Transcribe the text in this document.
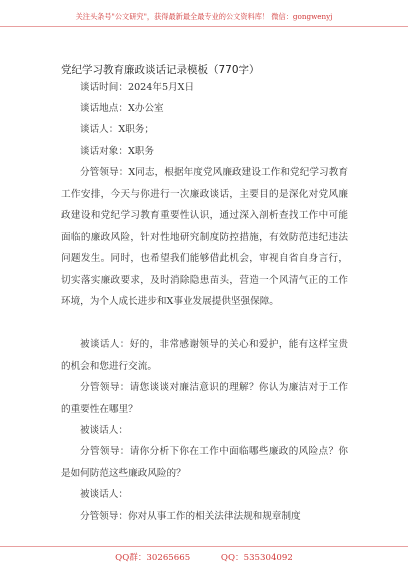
关注头条号"公文研究"，获得最新最全最专业的公文资料库！ 微信：gongwenyj
党纪学习教育廉政谈话记录模板（770字）

谈话时间：2024年5月X日

谈话地点：X办公室

谈话人：X职务；

谈话对象：X职务

分管领导：X同志，根据年度党风廉政建设工作和党纪学习教育工作安排，今天与你进行一次廉政谈话，主要目的是深化对党风廉政建设和党纪学习教育重要性认识，通过深入剖析查找工作中可能面临的廉政风险，针对性地研究制度防控措施，有效防范违纪违法问题发生。同时，也希望我们能够借此机会，审视自省自身言行，切实落实廉政要求，及时消除隐患苗头，营造一个风清气正的工作环境，为个人成长进步和X事业发展提供坚强保障。

被谈话人：好的，非常感谢领导的关心和爱护，能有这样宝贵的机会和您进行交流。

分管领导：请您谈谈对廉洁意识的理解？你认为廉洁对于工作的重要性在哪里？

被谈话人：

分管领导：请你分析下你在工作中面临哪些廉政的风险点？你是如何防范这些廉政风险的？

被谈话人：

分管领导：你对从事工作的相关法律法规和规章制度

QQ群：30265665	QQ：535304092
